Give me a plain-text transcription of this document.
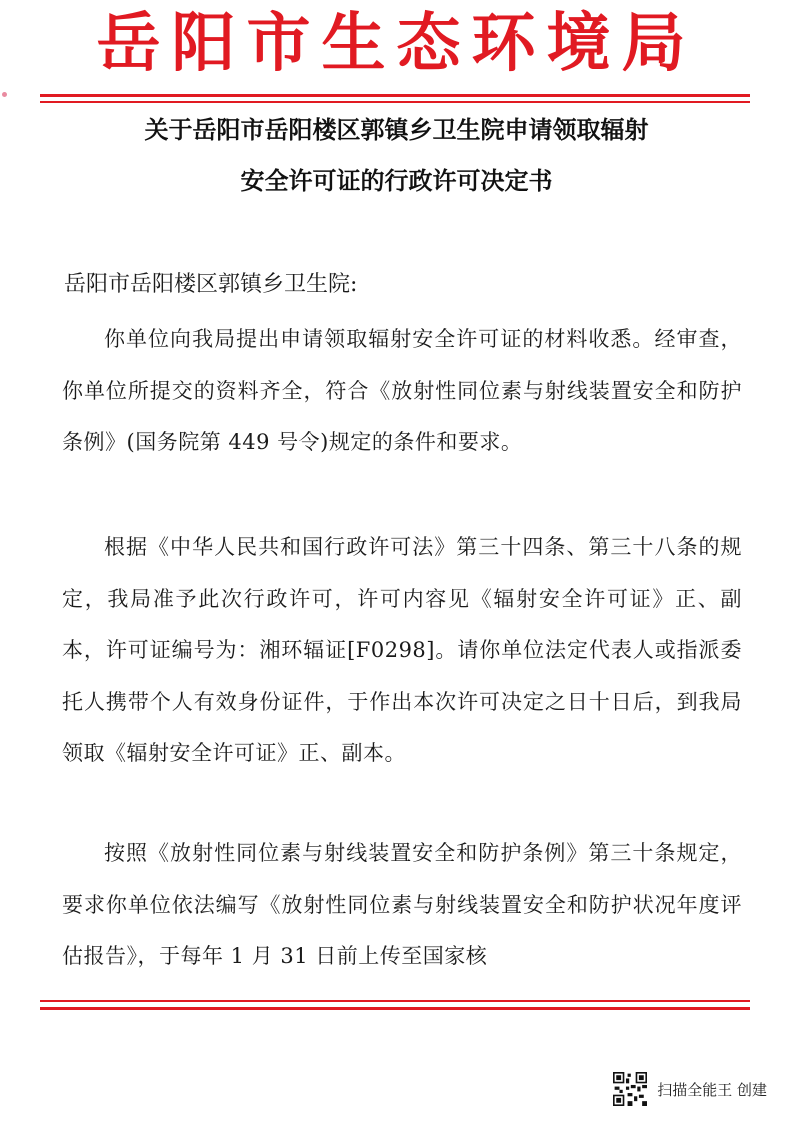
岳阳市生态环境局
关于岳阳市岳阳楼区郭镇乡卫生院申请领取辐射
安全许可证的行政许可决定书
岳阳市岳阳楼区郭镇乡卫生院:
你单位向我局提出申请领取辐射安全许可证的材料收悉。经审查，你单位所提交的资料齐全，符合《放射性同位素与射线装置安全和防护条例》(国务院第 449 号令)规定的条件和要求。
根据《中华人民共和国行政许可法》第三十四条、第三十八条的规定，我局准予此次行政许可，许可内容见《辐射安全许可证》正、副本，许可证编号为：湘环辐证[F0298]。请你单位法定代表人或指派委托人携带个人有效身份证件，于作出本次许可决定之日十日后，到我局领取《辐射安全许可证》正、副本。
按照《放射性同位素与射线装置安全和防护条例》第三十条规定，要求你单位依法编写《放射性同位素与射线装置安全和防护状况年度评估报告》，于每年 1 月 31 日前上传至国家核
扫描全能王 创建
